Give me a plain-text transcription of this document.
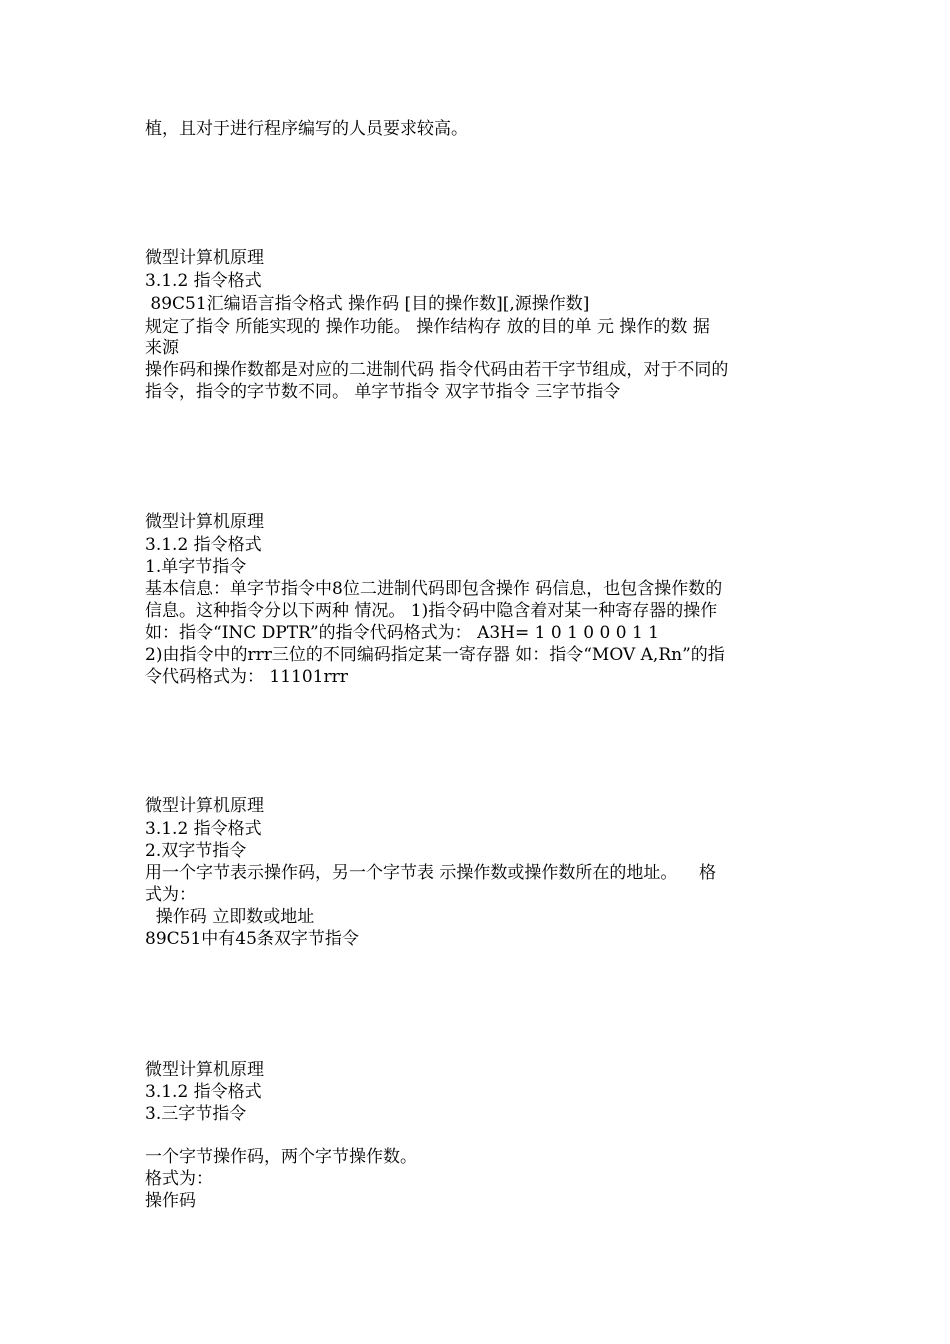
植，且对于进行程序编写的人员要求较高。
微型计算机原理
3.1.2 指令格式
89C51汇编语言指令格式 操作码 [目的操作数][,源操作数]
规定了指令 所能实现的 操作功能。 操作结构存 放的目的单 元 操作的数 据
来源
操作码和操作数都是对应的二进制代码 指令代码由若干字节组成，对于不同的
指令，指令的字节数不同。 单字节指令 双字节指令 三字节指令
微型计算机原理
3.1.2 指令格式
1.单字节指令
基本信息：单字节指令中8位二进制代码即包含操作 码信息，也包含操作数的
信息。这种指令分以下两种 情况。 1)指令码中隐含着对某一种寄存器的操作
如：指令“INC DPTR”的指令代码格式为： A3H= 1 0 1 0 0 0 1 1
2)由指令中的rrr三位的不同编码指定某一寄存器 如：指令“MOV A,Rn”的指
令代码格式为： 11101rrr
微型计算机原理
3.1.2 指令格式
2.双字节指令
用一个字节表示操作码，另一个字节表 示操作数或操作数所在的地址。    格
式为：
操作码 立即数或地址
89C51中有45条双字节指令
微型计算机原理
3.1.2 指令格式
3.三字节指令
一个字节操作码，两个字节操作数。
格式为：
操作码
